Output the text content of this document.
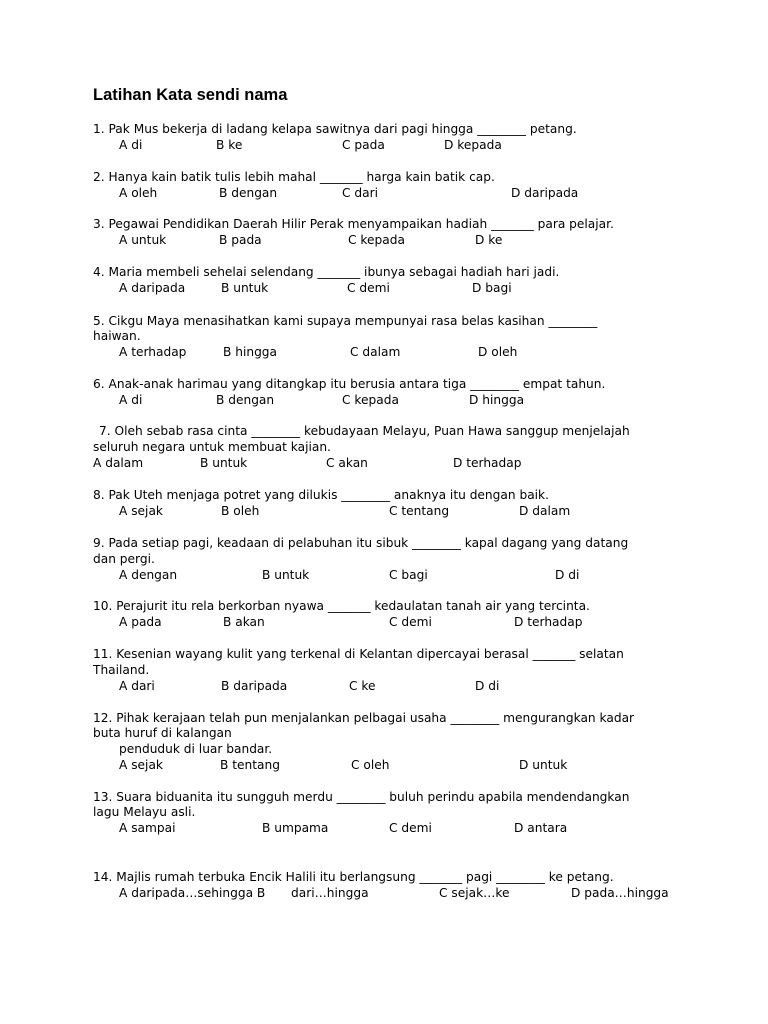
Latihan Kata sendi nama
1. Pak Mus bekerja di ladang kelapa sawitnya dari pagi hingga ________ petang.
A di	B ke	C pada	D kepada
2. Hanya kain batik tulis lebih mahal _______ harga kain batik cap.
A oleh	B dengan	C dari	D daripada
3. Pegawai Pendidikan Daerah Hilir Perak menyampaikan hadiah _______ para pelajar.
A untuk	B pada	C kepada	D ke
4. Maria membeli sehelai selendang _______ ibunya sebagai hadiah hari jadi.
A daripada	B untuk	C demi	D bagi
5. Cikgu Maya menasihatkan kami supaya mempunyai rasa belas kasihan ________
haiwan.
A terhadap	B hingga	C dalam	D oleh
6. Anak-anak harimau yang ditangkap itu berusia antara tiga ________ empat tahun.
A di	B dengan	C kepada	D hingga
7. Oleh sebab rasa cinta ________ kebudayaan Melayu, Puan Hawa sanggup menjelajah
seluruh negara untuk membuat kajian.
A dalam	B untuk	C akan	D terhadap
8. Pak Uteh menjaga potret yang dilukis ________ anaknya itu dengan baik.
A sejak	B oleh	C tentang	D dalam
9. Pada setiap pagi, keadaan di pelabuhan itu sibuk ________ kapal dagang yang datang
dan pergi.
A dengan	B untuk	C bagi	D di
10. Perajurit itu rela berkorban nyawa _______ kedaulatan tanah air yang tercinta.
A pada	B akan	C demi	D terhadap
11. Kesenian wayang kulit yang terkenal di Kelantan dipercayai berasal _______ selatan
Thailand.
A dari	B daripada	C ke	D di
12. Pihak kerajaan telah pun menjalankan pelbagai usaha ________ mengurangkan kadar
buta huruf di kalangan
penduduk di luar bandar.
A sejak	B tentang	C oleh	D untuk
13. Suara biduanita itu sungguh merdu ________ buluh perindu apabila mendendangkan
lagu Melayu asli.
A sampai	B umpama	C demi	D antara
14. Majlis rumah terbuka Encik Halili itu berlangsung _______ pagi ________ ke petang.
A daripada…sehingga B dari…hingga	C sejak…ke	D pada…hingga
